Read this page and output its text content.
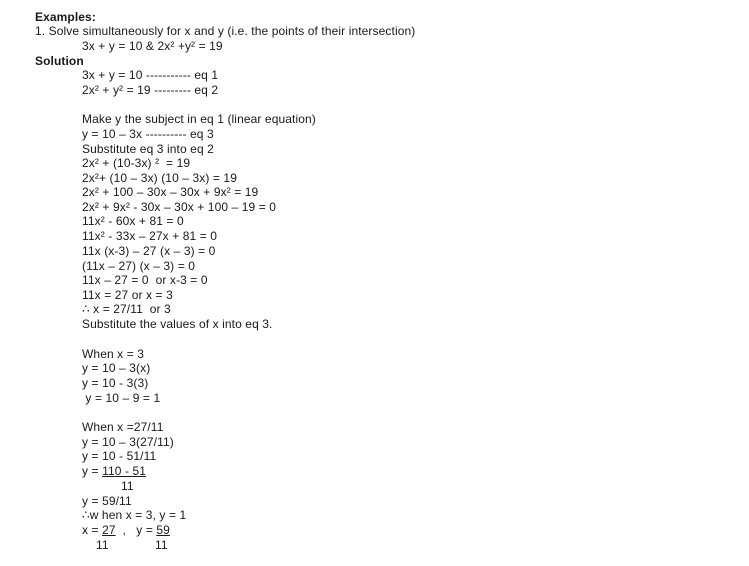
Examples:
1. Solve simultaneously for x and y (i.e. the points of their intersection)
3x + y = 10 & 2x² +y² = 19
Solution
3x + y = 10 ----------- eq 1
2x² + y² = 19 --------- eq 2
Make y the subject in eq 1 (linear equation)
y = 10 – 3x ---------- eq 3
Substitute eq 3 into eq 2
2x² + (10-3x) ²  = 19
2x²+ (10 – 3x) (10 – 3x) = 19
2x² + 100 – 30x – 30x + 9x² = 19
2x² + 9x² - 30x – 30x + 100 – 19 = 0
11x² - 60x + 81 = 0
11x² - 33x – 27x + 81 = 0
11x (x-3) – 27 (x – 3) = 0
(11x – 27) (x – 3) = 0
11x – 27 = 0  or x-3 = 0
11x = 27 or x = 3
∴ x = 27/11  or 3
Substitute the values of x into eq 3.
When x = 3
y = 10 – 3(x)
y = 10 - 3(3)
y = 10 – 9 = 1
When x =27/11
y = 10 – 3(27/11)
y = 10 - 51/11
y = 110 - 51
11
y = 59/11
∴w hen x = 3, y = 1
x = 27  ,   y = 59
11	11
